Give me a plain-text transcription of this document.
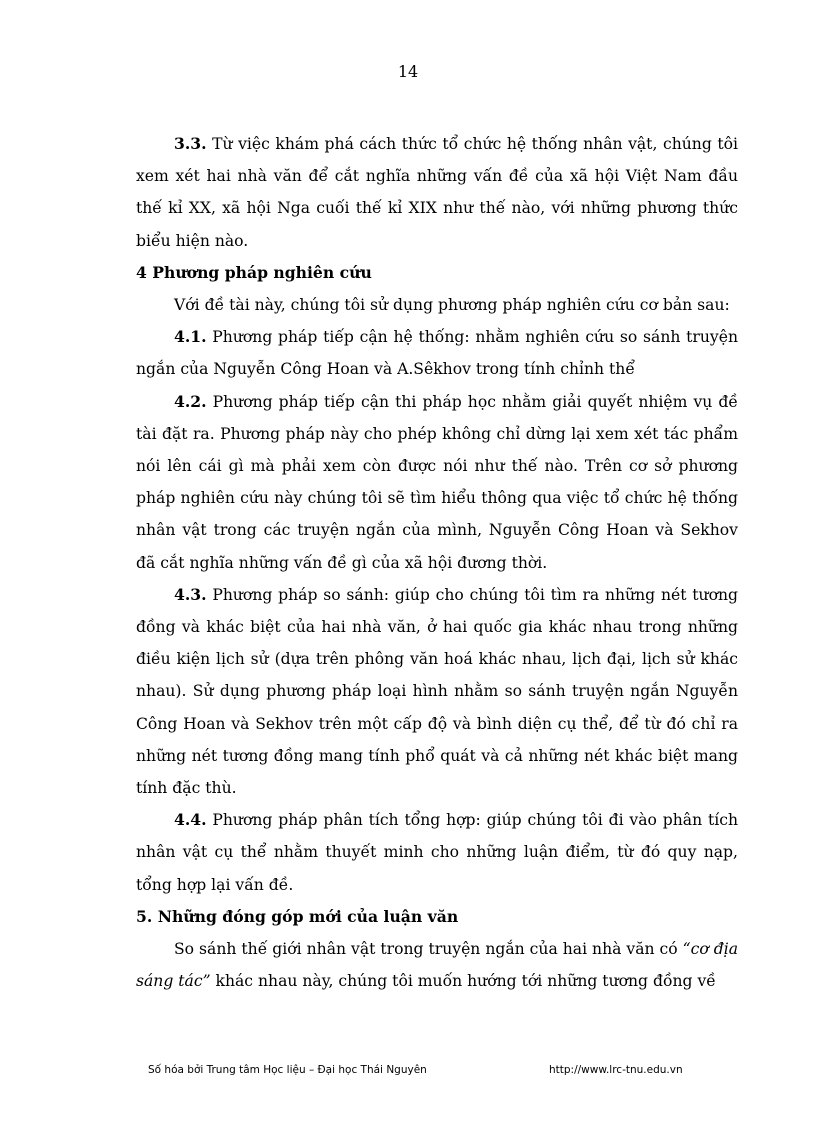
14

3.3. Từ việc khám phá cách thức tổ chức hệ thống nhân vật, chúng tôi xem xét hai nhà văn để cắt nghĩa những vấn đề của xã hội Việt Nam đầu thế kỉ XX, xã hội Nga cuối thế kỉ XIX như thế nào, với những phương thức biểu hiện nào.

4 Phương pháp nghiên cứu

Với đề tài này, chúng tôi sử dụng phương pháp nghiên cứu cơ bản sau:

4.1. Phương pháp tiếp cận hệ thống: nhằm nghiên cứu so sánh truyện ngắn của Nguyễn Công Hoan và A.Sêkhov trong tính chỉnh thể

4.2. Phương pháp tiếp cận thi pháp học nhằm giải quyết nhiệm vụ đề tài đặt ra. Phương pháp này cho phép không chỉ dừng lại xem xét tác phẩm nói lên cái gì mà phải xem còn được nói như thế nào. Trên cơ sở phương pháp nghiên cứu này chúng tôi sẽ tìm hiểu thông qua việc tổ chức hệ thống nhân vật trong các truyện ngắn của mình, Nguyễn Công Hoan và Sekhov đã cắt nghĩa những vấn đề gì của xã hội đương thời.

4.3. Phương pháp so sánh: giúp cho chúng tôi tìm ra những nét tương đồng và khác biệt của hai nhà văn, ở hai quốc gia khác nhau trong những điều kiện lịch sử (dựa trên phông văn hoá khác nhau, lịch đại, lịch sử khác nhau). Sử dụng phương pháp loại hình nhằm so sánh truyện ngắn Nguyễn Công Hoan và Sekhov trên một cấp độ và bình diện cụ thể, để từ đó chỉ ra những nét tương đồng mang tính phổ quát và cả những nét khác biệt mang tính đặc thù.

4.4. Phương pháp phân tích tổng hợp: giúp chúng tôi đi vào phân tích nhân vật cụ thể nhằm thuyết minh cho những luận điểm, từ đó quy nạp, tổng hợp lại vấn đề.

5. Những đóng góp mới của luận văn

So sánh thế giới nhân vật trong truyện ngắn của hai nhà văn có “cơ địa sáng tác” khác nhau này, chúng tôi muốn hướng tới những tương đồng về

Số hóa bởi Trung tâm Học liệu – Đại học Thái Nguyên	http://www.lrc-tnu.edu.vn
